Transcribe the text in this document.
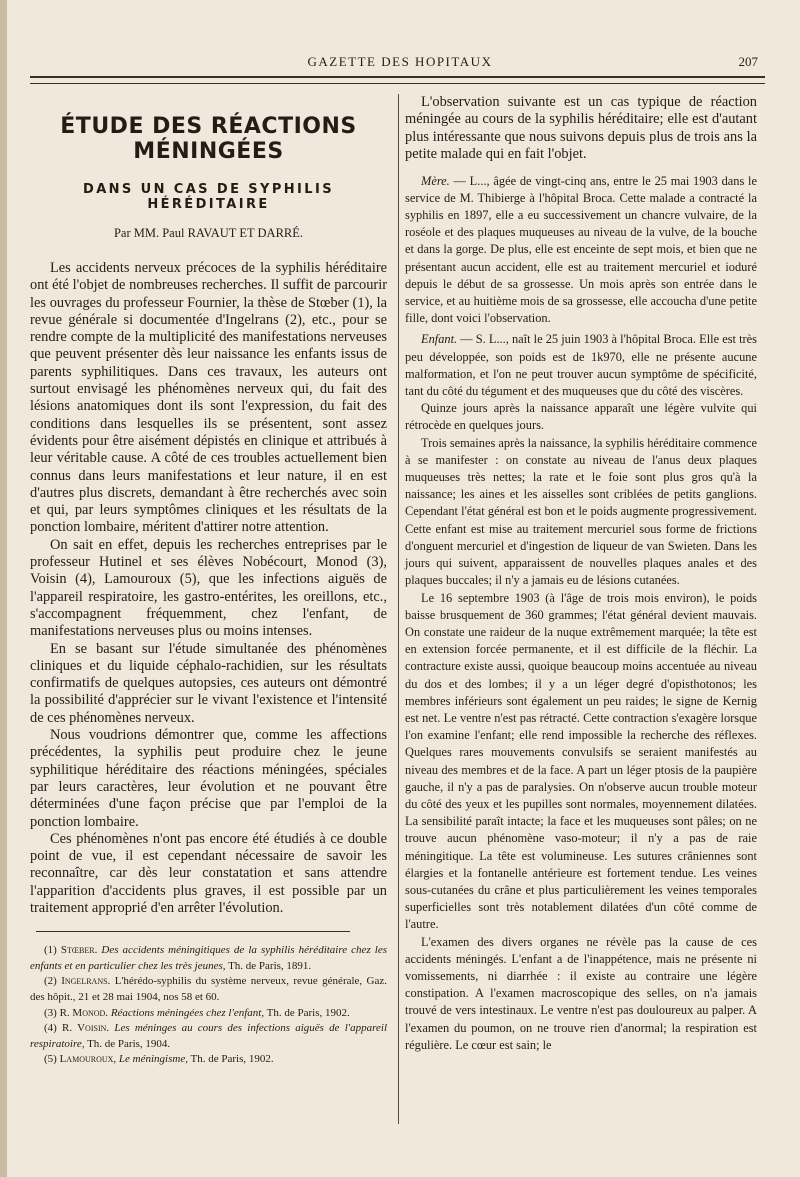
GAZETTE DES HOPITAUX	207
ÉTUDE DES RÉACTIONS MÉNINGÉES
DANS UN CAS DE SYPHILIS HÉRÉDITAIRE
Par MM. Paul RAVAUT ET DARRÉ.

Les accidents nerveux précoces de la syphilis héréditaire ont été l'objet de nombreuses recherches. Il suffit de parcourir les ouvrages du professeur Fournier, la thèse de Stœber (1), la revue générale si documentée d'Ingelrans (2), etc., pour se rendre compte de la multiplicité des manifestations nerveuses que peuvent présenter dès leur naissance les enfants issus de parents syphilitiques. Dans ces travaux, les auteurs ont surtout envisagé les phénomènes nerveux qui, du fait des lésions anatomiques dont ils sont l'expression, du fait des conditions dans lesquelles ils se présentent, sont assez évidents pour être aisément dépistés en clinique et attribués à leur véritable cause. A côté de ces troubles actuellement bien connus dans leurs manifestations et leur nature, il en est d'autres plus discrets, demandant à être recherchés avec soin et qui, par leurs symptômes cliniques et les résultats de la ponction lombaire, méritent d'attirer notre attention.

On sait en effet, depuis les recherches entreprises par le professeur Hutinel et ses élèves Nobécourt, Monod (3), Voisin (4), Lamouroux (5), que les infections aiguës de l'appareil respiratoire, les gastro-entérites, les oreillons, etc., s'accompagnent fréquemment, chez l'enfant, de manifestations nerveuses plus ou moins intenses.

En se basant sur l'étude simultanée des phénomènes cliniques et du liquide céphalo-rachidien, sur les résultats confirmatifs de quelques autopsies, ces auteurs ont démontré la possibilité d'apprécier sur le vivant l'existence et l'intensité de ces phénomènes nerveux.

Nous voudrions démontrer que, comme les affections précédentes, la syphilis peut produire chez le jeune syphilitique héréditaire des réactions méningées, spéciales par leurs caractères, leur évolution et ne pouvant être déterminées d'une façon précise que par l'emploi de la ponction lombaire.

Ces phénomènes n'ont pas encore été étudiés à ce double point de vue, il est cependant nécessaire de savoir les reconnaître, car dès leur constatation et sans attendre l'apparition d'accidents plus graves, il est possible par un traitement approprié d'en arrêter l'évolution.

(1) Stœber. Des accidents méningitiques de la syphilis héréditaire chez les enfants et en particulier chez les très jeunes, Th. de Paris, 1891.

(2) Ingelrans. L'hérédo-syphilis du système nerveux, revue générale, Gaz. des hôpit., 21 et 28 mai 1904, nos 58 et 60.

(3) R. Monod. Réactions méningées chez l'enfant, Th. de Paris, 1902.

(4) R. Voisin. Les méninges au cours des infections aiguës de l'appareil respiratoire, Th. de Paris, 1904.

(5) Lamouroux, Le méningisme, Th. de Paris, 1902.

L'observation suivante est un cas typique de réaction méningée au cours de la syphilis héréditaire; elle est d'autant plus intéressante que nous suivons depuis plus de trois ans la petite malade qui en fait l'objet.

Mère. — L..., âgée de vingt-cinq ans, entre le 25 mai 1903 dans le service de M. Thibierge à l'hôpital Broca. Cette malade a contracté la syphilis en 1897, elle a eu successivement un chancre vulvaire, de la roséole et des plaques muqueuses au niveau de la vulve, de la bouche et dans la gorge. De plus, elle est enceinte de sept mois, et bien que ne présentant aucun accident, elle est au traitement mercuriel et ioduré depuis le début de sa grossesse. Un mois après son entrée dans le service, et au huitième mois de sa grossesse, elle accoucha d'une petite fille, dont voici l'observation.

Enfant. — S. L..., naît le 25 juin 1903 à l'hôpital Broca. Elle est très peu développée, son poids est de 1k970, elle ne présente aucune malformation, et l'on ne peut trouver aucun symptôme de spécificité, tant du côté du tégument et des muqueuses que du côté des viscères.

Quinze jours après la naissance apparaît une légère vulvite qui rétrocède en quelques jours.

Trois semaines après la naissance, la syphilis héréditaire commence à se manifester : on constate au niveau de l'anus deux plaques muqueuses très nettes; la rate et le foie sont plus gros qu'à la naissance; les aines et les aisselles sont criblées de petits ganglions. Cependant l'état général est bon et le poids augmente progressivement. Cette enfant est mise au traitement mercuriel sous forme de frictions d'onguent mercuriel et d'ingestion de liqueur de van Swieten. Dans les jours qui suivent, apparaissent de nouvelles plaques anales et des plaques buccales; il n'y a jamais eu de lésions cutanées.

Le 16 septembre 1903 (à l'âge de trois mois environ), le poids baisse brusquement de 360 grammes; l'état général devient mauvais. On constate une raideur de la nuque extrêmement marquée; la tête est en extension forcée permanente, et il est difficile de la fléchir. La contracture existe aussi, quoique beaucoup moins accentuée au niveau du dos et des lombes; il y a un léger degré d'opisthotonos; les membres inférieurs sont également un peu raides; le signe de Kernig est net. Le ventre n'est pas rétracté. Cette contraction s'exagère lorsque l'on examine l'enfant; elle rend impossible la recherche des réflexes. Quelques rares mouvements convulsifs se seraient manifestés au niveau des membres et de la face. A part un léger ptosis de la paupière gauche, il n'y a pas de paralysies. On n'observe aucun trouble moteur du côté des yeux et les pupilles sont normales, moyennement dilatées. La sensibilité paraît intacte; la face et les muqueuses sont pâles; on ne trouve aucun phénomène vaso-moteur; il n'y a pas de raie méningitique. La tête est volumineuse. Les sutures crâniennes sont élargies et la fontanelle antérieure est fortement tendue. Les veines sous-cutanées du crâne et plus particulièrement les veines temporales superficielles sont très notablement dilatées d'un côté comme de l'autre.

L'examen des divers organes ne révèle pas la cause de ces accidents méningés. L'enfant a de l'inappétence, mais ne présente ni vomissements, ni diarrhée : il existe au contraire une légère constipation. A l'examen macroscopique des selles, on n'a jamais trouvé de vers intestinaux. Le ventre n'est pas douloureux au palper. A l'examen du poumon, on ne trouve rien d'anormal; la respiration est régulière. Le cœur est sain; le
